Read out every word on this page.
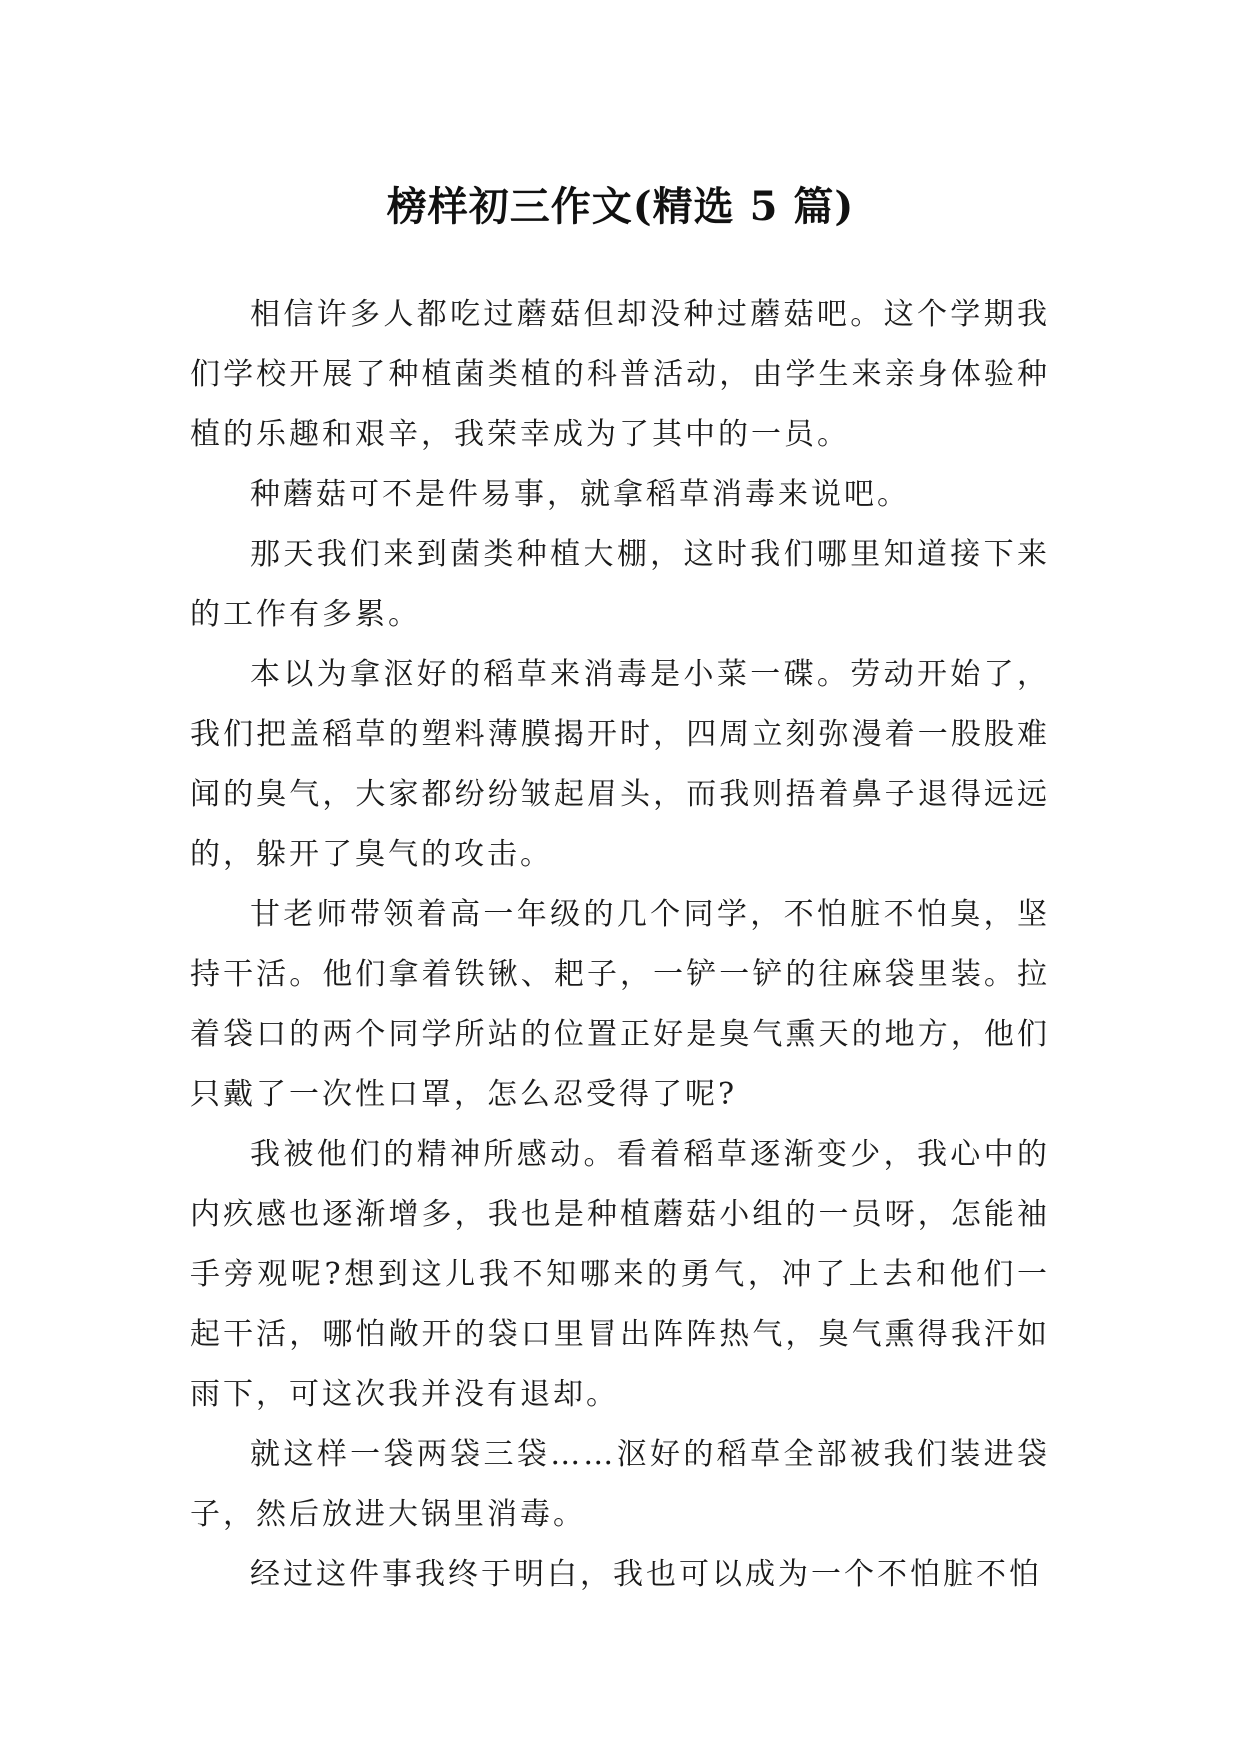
榜样初三作文(精选 5 篇)

相信许多人都吃过蘑菇但却没种过蘑菇吧。这个学期我们学校开展了种植菌类植的科普活动，由学生来亲身体验种植的乐趣和艰辛，我荣幸成为了其中的一员。

种蘑菇可不是件易事，就拿稻草消毒来说吧。

那天我们来到菌类种植大棚，这时我们哪里知道接下来的工作有多累。

本以为拿沤好的稻草来消毒是小菜一碟。劳动开始了，我们把盖稻草的塑料薄膜揭开时，四周立刻弥漫着一股股难闻的臭气，大家都纷纷皱起眉头，而我则捂着鼻子退得远远的，躲开了臭气的攻击。

甘老师带领着高一年级的几个同学，不怕脏不怕臭，坚持干活。他们拿着铁锹、耙子，一铲一铲的往麻袋里装。拉着袋口的两个同学所站的位置正好是臭气熏天的地方，他们只戴了一次性口罩，怎么忍受得了呢?

我被他们的精神所感动。看着稻草逐渐变少，我心中的内疚感也逐渐增多，我也是种植蘑菇小组的一员呀，怎能袖手旁观呢?想到这儿我不知哪来的勇气，冲了上去和他们一起干活，哪怕敞开的袋口里冒出阵阵热气，臭气熏得我汗如雨下，可这次我并没有退却。

就这样一袋两袋三袋……沤好的稻草全部被我们装进袋子，然后放进大锅里消毒。

经过这件事我终于明白，我也可以成为一个不怕脏不怕
